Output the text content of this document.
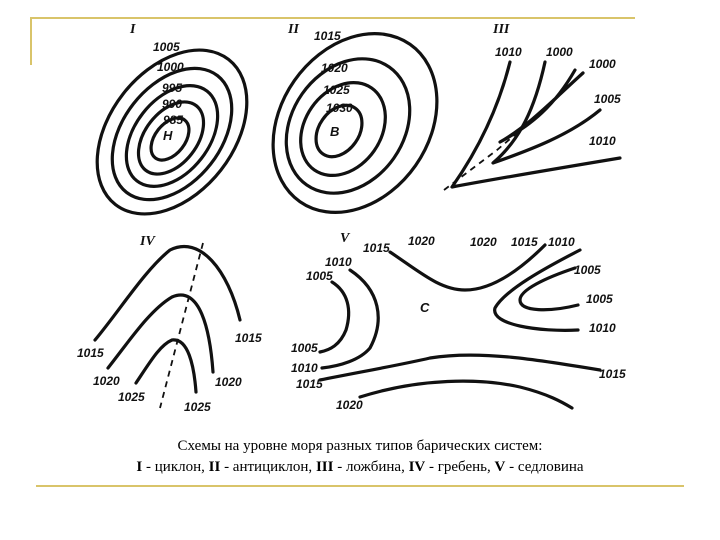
I
1005
1000
995
990
985
Н
II 1015
1020
1025
1030
В
III
1010 1000
1000
1005
1010
IV
1015
1020
1025
1025
1020
1015
V
1015 1020	1020 1015 1010
1010
1005	1005
1005
1010
1010
1015
1015
1020
С
1005
Схемы на уровне моря разных типов барических систем:
I - циклон, II - антициклон, III - ложбина, IV - гребень, V - седловина
